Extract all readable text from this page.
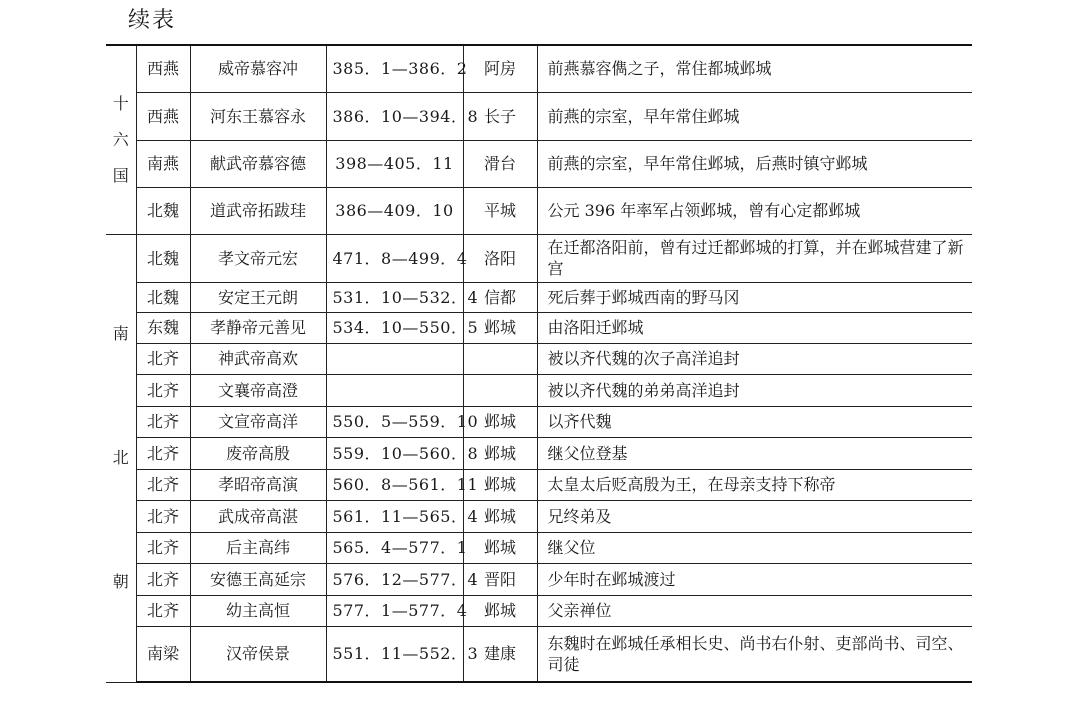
续表
十
六
国	西燕	威帝慕容冲	385．1—386．2	阿房	前燕慕容儁之子，常住都城邺城
	西燕	河东王慕容永	386．10—394．8	长子	前燕的宗室，早年常住邺城
	南燕	献武帝慕容德	398—405．11	滑台	前燕的宗室，早年常住邺城，后燕时镇守邺城
	北魏	道武帝拓跋珪	386—409．10	平城	公元 396 年率军占领邺城，曾有心定都邺城

南
北
朝	北魏	孝文帝元宏	471．8—499．4	洛阳	在迁都洛阳前，曾有过迁都邺城的打算，并在邺城营建了新宫
	北魏	安定王元朗	531．10—532．4	信都	死后葬于邺城西南的野马冈
	东魏	孝静帝元善见	534．10—550．5	邺城	由洛阳迁邺城
	北齐	神武帝高欢			被以齐代魏的次子高洋追封
	北齐	文襄帝高澄			被以齐代魏的弟弟高洋追封
	北齐	文宣帝高洋	550．5—559．10	邺城	以齐代魏
	北齐	废帝高殷	559．10—560．8	邺城	继父位登基
	北齐	孝昭帝高演	560．8—561．11	邺城	太皇太后贬高殷为王，在母亲支持下称帝
	北齐	武成帝高湛	561．11—565．4	邺城	兄终弟及
	北齐	后主高纬	565．4—577．1	邺城	继父位
	北齐	安德王高延宗	576．12—577．4	晋阳	少年时在邺城渡过
	北齐	幼主高恒	577．1—577．4	邺城	父亲禅位
	南梁	汉帝侯景	551．11—552．3	建康	东魏时在邺城任承相长史、尚书右仆射、吏部尚书、司空、司徒
